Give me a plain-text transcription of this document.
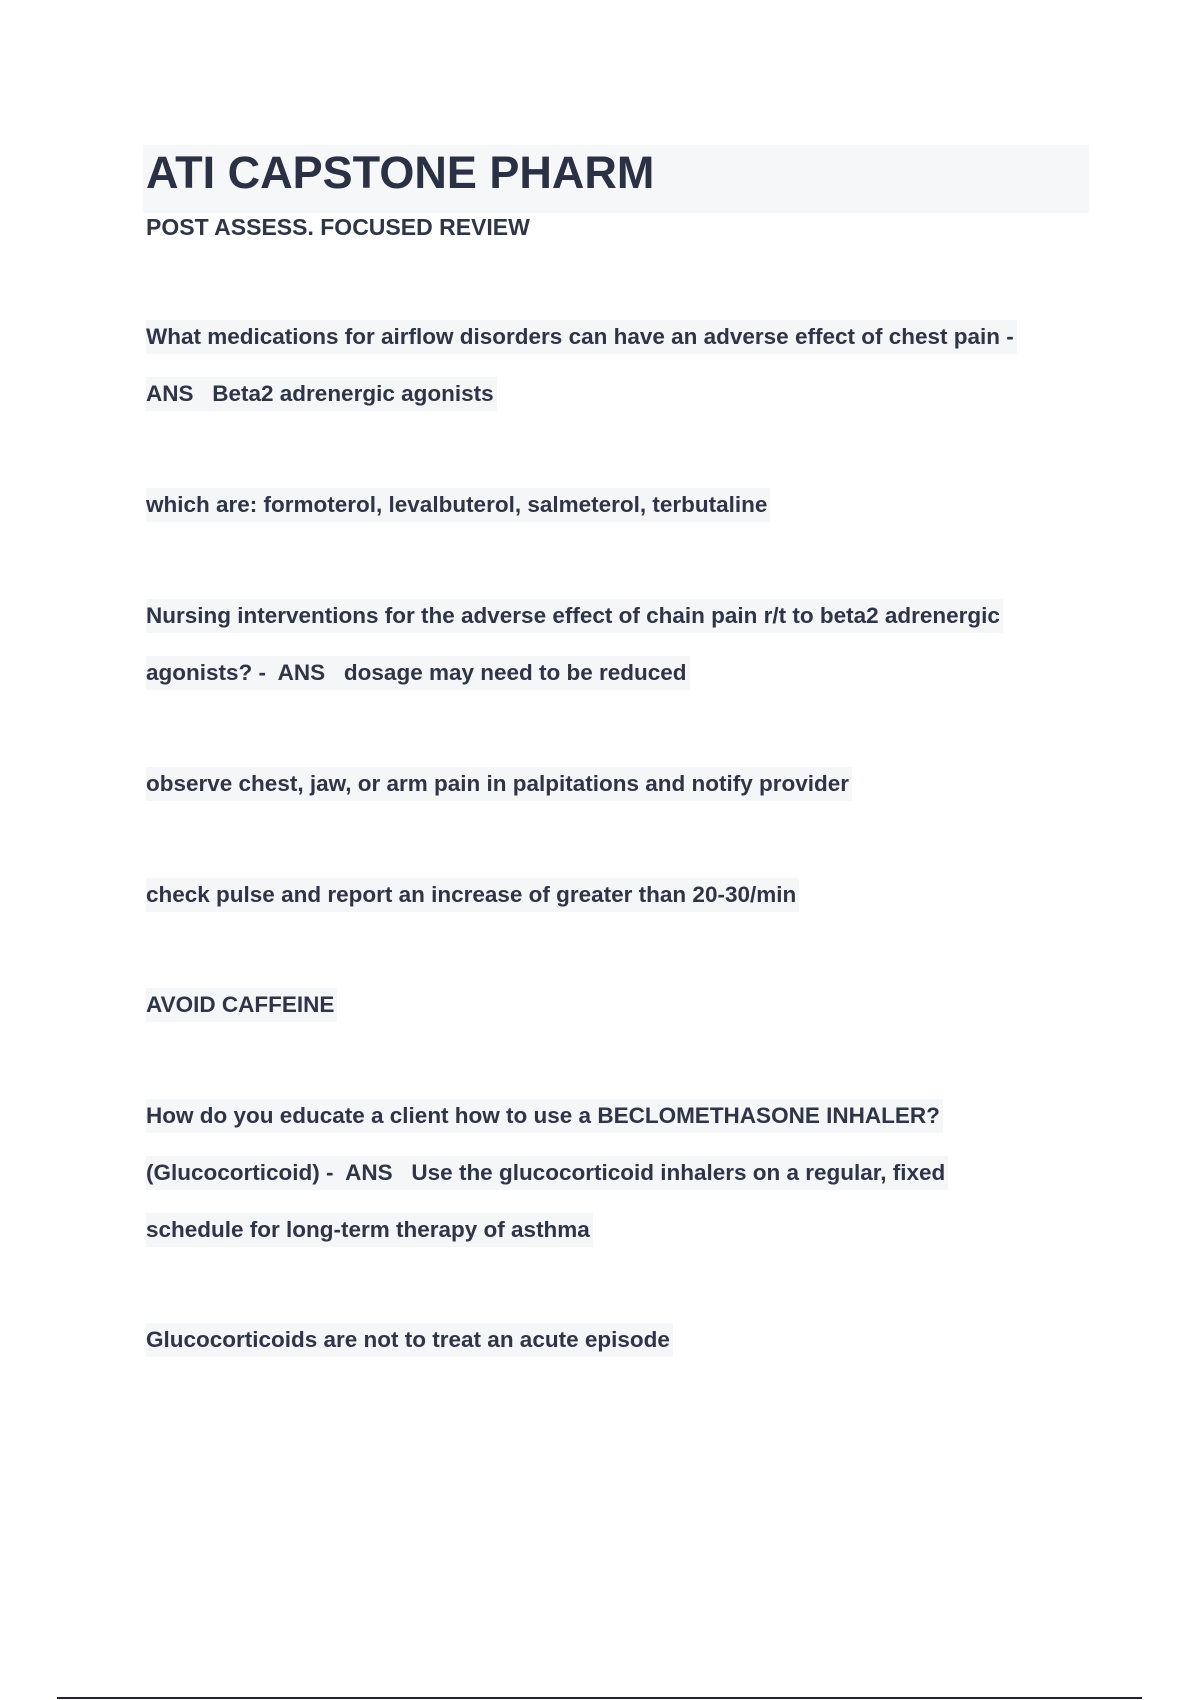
ATI CAPSTONE PHARM
POST ASSESS. FOCUSED REVIEW

What medications for airflow disorders can have an adverse effect of chest pain -

ANS   Beta2 adrenergic agonists

which are: formoterol, levalbuterol, salmeterol, terbutaline

Nursing interventions for the adverse effect of chain pain r/t to beta2 adrenergic

agonists? -  ANS   dosage may need to be reduced

observe chest, jaw, or arm pain in palpitations and notify provider

check pulse and report an increase of greater than 20-30/min

AVOID CAFFEINE

How do you educate a client how to use a BECLOMETHASONE INHALER?

(Glucocorticoid) -  ANS   Use the glucocorticoid inhalers on a regular, fixed

schedule for long-term therapy of asthma

Glucocorticoids are not to treat an acute episode
